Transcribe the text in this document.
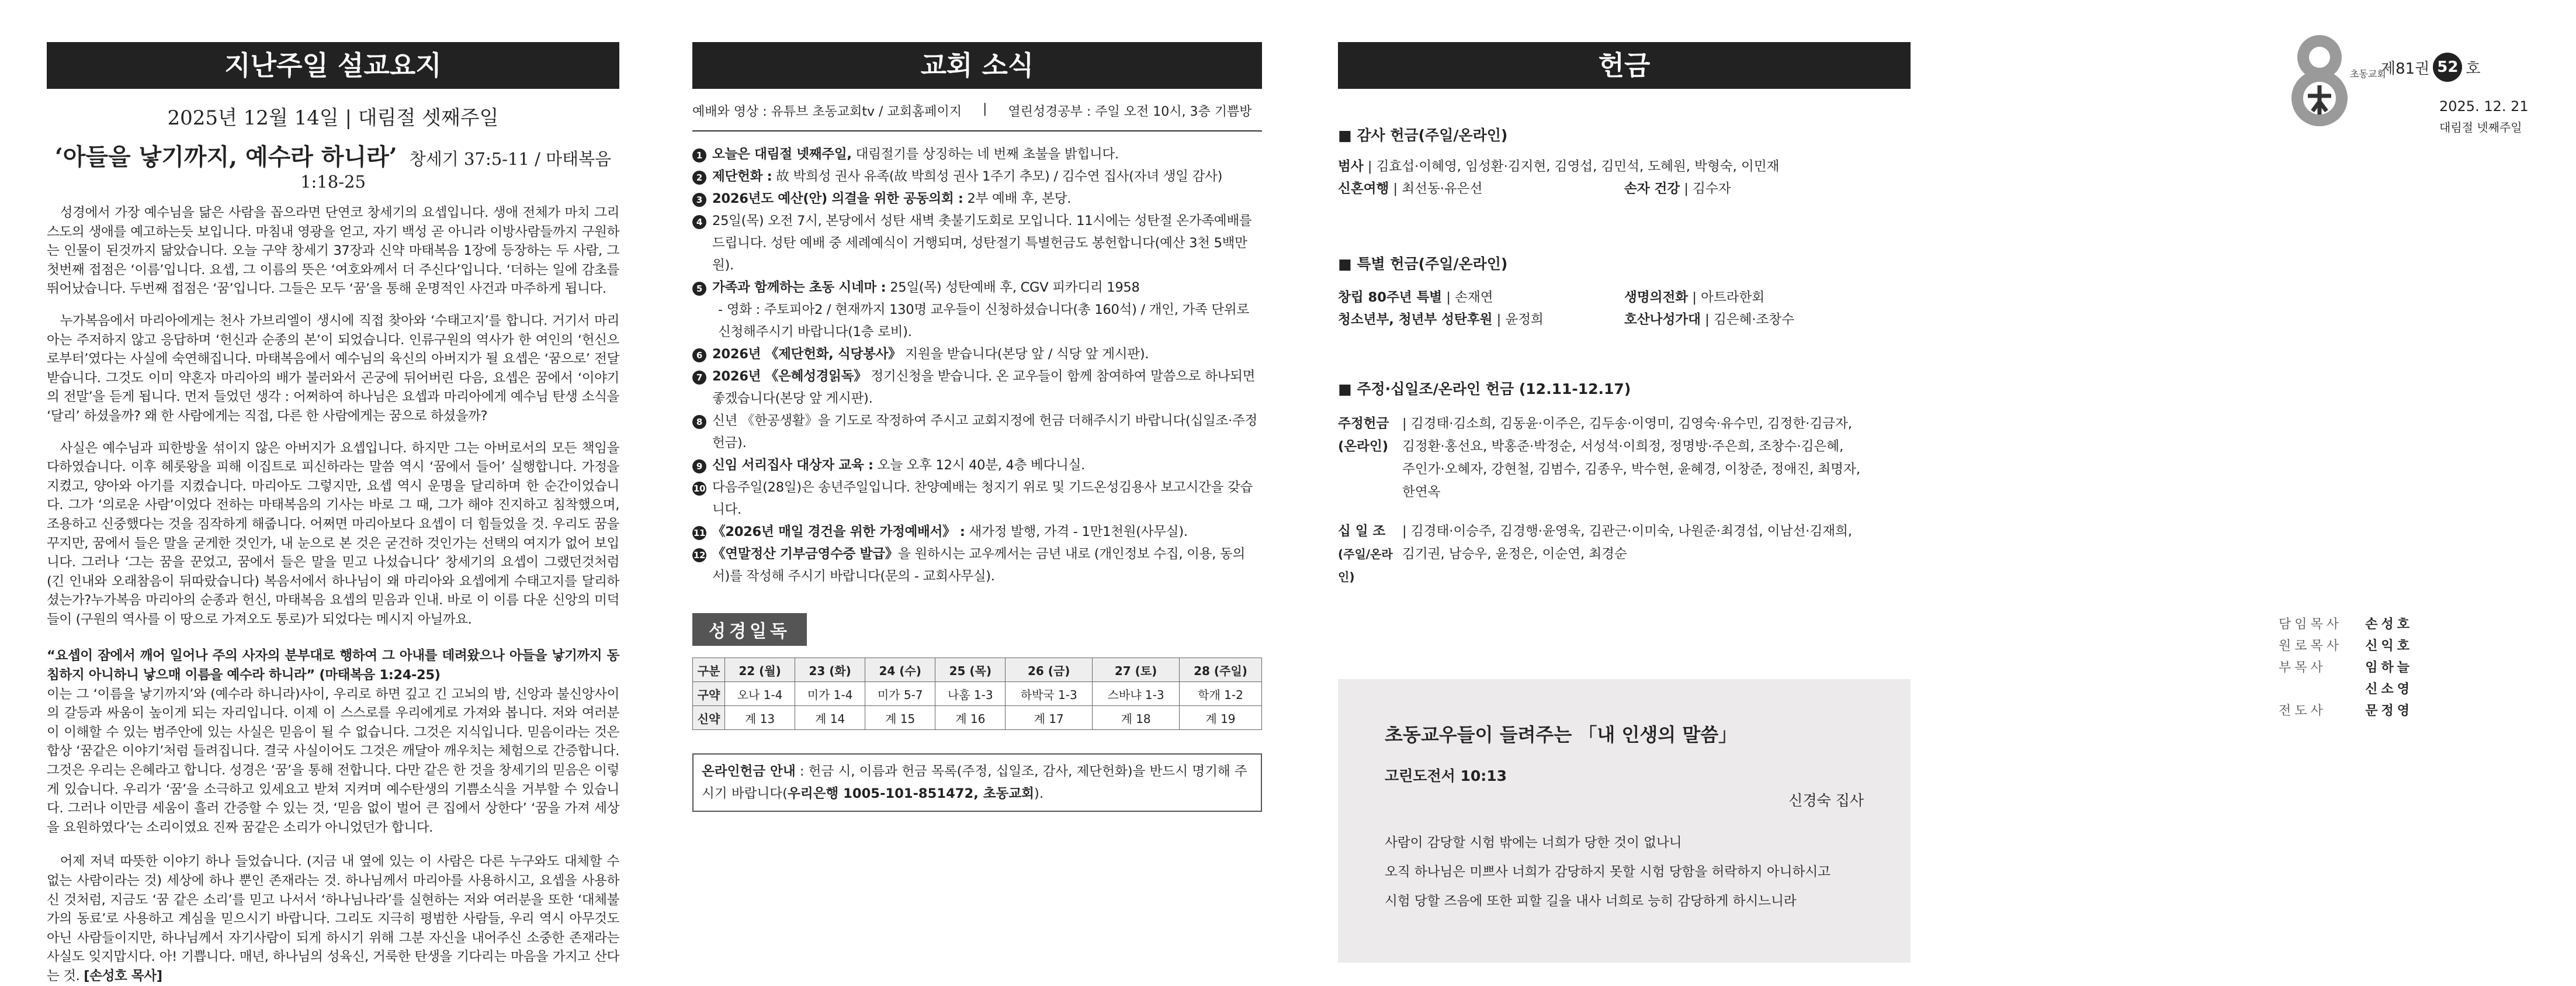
지난주일 설교요지
2025년 12월 14일 | 대림절 셋째주일
‘아들을 낳기까지, 예수라 하니라’ 창세기 37:5-11 / 마태복음 1:18-25

성경에서 가장 예수님을 닮은 사람을 꼽으라면 단연코 창세기의 요셉입니다. 생애 전체가 마치 그리스도의 생애를 예고하는듯 보입니다. 마침내 영광을 얻고, 자기 백성 곧 아니라 이방사람들까지 구원하는 인물이 된것까지 닮았습니다. 오늘 구약 창세기 37장과 신약 마태복음 1장에 등장하는 두 사람, 그 첫번째 접점은 ‘이름’입니다. 요셉, 그 이름의 뜻은 ‘여호와께서 더 주신다’입니다. ‘더하는 일에 감초를 뛰어났습니다. 두번째 접점은 ‘꿈’입니다. 그들은 모두 ‘꿈’을 통해 운명적인 사건과 마주하게 됩니다.

누가복음에서 마리아에게는 천사 가브리엘이 생시에 직접 찾아와 ‘수태고지’를 합니다. 거기서 마리아는 주저하지 않고 응답하며 ‘헌신과 순종의 본’이 되었습니다. 인류구원의 역사가 한 여인의 ‘헌신으로부터’였다는 사실에 숙연해집니다. 마태복음에서 예수님의 육신의 아버지가 될 요셉은 ‘꿈으로’ 전달받습니다. 그것도 이미 약혼자 마리아의 배가 불러와서 곤궁에 뒤어버린 다음, 요셉은 꿈에서 ‘이야기의 전말’을 듣게 됩니다. 먼저 들었던 생각 : 어쩌하여 하나님은 요셉과 마리아에게 예수님 탄생 소식을 ‘달리’ 하셨을까? 왜 한 사람에게는 직접, 다른 한 사람에게는 꿈으로 하셨을까?

사실은 예수님과 피한방울 섞이지 않은 아버지가 요셉입니다. 하지만 그는 아버로서의 모든 책임을 다하였습니다. 이후 헤롯왕을 피해 이집트로 피신하라는 말씀 역시 ‘꿈에서 들어’ 실행합니다. 가정을 지켰고, 양아와 아기를 지켰습니다. 마리아도 그렇지만, 요셉 역시 운명을 달리하며 한 순간이었습니다. 그가 ‘의로운 사람’이었다 전하는 마태복음의 기사는 바로 그 때, 그가 해야 진지하고 침착했으며, 조용하고 신중했다는 것을 짐작하게 해줍니다. 어쩌면 마리아보다 요셉이 더 힘들었을 것. 우리도 꿈을 꾸지만, 꿈에서 들은 말을 굳게한 것인가, 내 눈으로 본 것은 굳건하 것인가는 선택의 여지가 없어 보입니다. 그러나 ‘그는 꿈을 꾼었고, 꿈에서 들은 말을 믿고 나섰습니다’ 창세기의 요셉이 그랬던것처럼 (긴 인내와 오래참음이 뒤따랐습니다) 복음서에서 하나님이 왜 마리아와 요셉에게 수태고지를 달리하셨는가?누가복음 마리아의 순종과 헌신, 마태복음 요셉의 믿음과 인내. 바로 이 이름 다운 신앙의 미덕들이 (구원의 역사를 이 땅으로 가져오도 통로)가 되었다는 메시지 아닐까요.

“요셉이 잠에서 깨어 일어나 주의 사자의 분부대로 행하여 그 아내를 데려왔으나 아들을 낳기까지 동침하지 아니하니 낳으매 이름을 예수라 하니라” (마태복음 1:24-25)

이는 그 ‘이름을 낳기까지’와 (예수라 하니라)사이, 우리로 하면 깊고 긴 고뇌의 밤, 신앙과 불신앙사이의 갈등과 싸움이 높이게 되는 자리입니다. 이제 이 스스로를 우리에게로 가져와 봅니다. 저와 여러분이 이해할 수 있는 범주안에 있는 사실은 믿음이 될 수 없습니다. 그것은 지식입니다. 믿음이라는 것은 합상 ‘꿈같은 이야기’처럼 들려집니다. 결국 사실이어도 그것은 깨달아 깨우치는 체험으로 간증합니다. 그것은 우리는 은혜라고 합니다. 성경은 ‘꿈’을 통해 전합니다. 다만 같은 한 것을 창세기의 믿음은 이렇게 있습니다. 우리가 ‘꿈’을 소극하고 있세요고 받쳐 지켜며 예수탄생의 기쁨소식을 거부할 수 있습니다. 그러나 이만큼 세움이 흘러 간증할 수 있는 것, ‘믿음 없이 벌어 큰 집에서 상한다’ ‘꿈을 가져 세상을 요원하였다’는 소리이였요 진짜 꿈같은 소리가 아니었던가 합니다.

어제 저녁 따뜻한 이야기 하나 들었습니다. (지금 내 옆에 있는 이 사람은 다른 누구와도 대체할 수 없는 사람이라는 것) 세상에 하나 뿐인 존재라는 것. 하나님께서 마리아를 사용하시고, 요셉을 사용하신 것처럼, 지금도 ‘꿈 같은 소리’를 믿고 나서서 ‘하나님나라’를 실현하는 저와 여러분을 또한 ‘대체불가의 동료’로 사용하고 계심을 믿으시기 바랍니다. 그리도 지극히 평범한 사람들, 우리 역시 아무것도 아닌 사람들이지만, 하나님께서 자기사람이 되게 하시기 위해 그분 자신을 내어주신 소중한 존재라는 사실도 잊지맙시다. 아! 기쁩니다. 매년, 하나님의 성육신, 거룩한 탄생을 기다리는 마음을 가지고 산다는 것. [손성호 목사]

교회 소식
예배와 영상 : 유튜브 초동교회tv / 교회홈페이지 | 열린성경공부 : 주일 오전 10시, 3층 기쁨방
1 오늘은 대림절 넷째주일, 대림절기를 상징하는 네 번째 초불을 밝힙니다.
2 제단헌화 : 故 박희성 권사 유족(故 박희성 권사 1주기 추모) / 김수연 집사(자녀 생일 감사)
3 2026년도 예산(안) 의결을 위한 공동의회 : 2부 예배 후, 본당.
4 25일(목) 오전 7시, 본당에서 성탄 새벽 촛불기도회로 모입니다. 11시에는 성탄절 온가족예배를 드립니다. 성탄 예배 중 세례예식이 거행되며, 성탄절기 특별헌금도 봉헌합니다(예산 3천 5백만원).
5 가족과 함께하는 초동 시네마 : 25일(목) 성탄예배 후, CGV 피카디리 1958
- 영화 : 주토피아2 / 현재까지 130명 교우들이 신청하셨습니다(총 160석) / 개인, 가족 단위로 신청해주시기 바랍니다(1층 로비).
6 2026년 《제단헌화, 식당봉사》 지원을 받습니다(본당 앞 / 식당 앞 게시판).
7 2026년 《은혜성경읽독》 정기신청을 받습니다. 온 교우들이 함께 참여하여 말씀으로 하나되면 좋겠습니다(본당 앞 게시판).
8 신년 《한공생활》을 기도로 작정하여 주시고 교회지정에 헌금 더해주시기 바랍니다(십일조·주정헌금).
9 신임 서리집사 대상자 교육 : 오늘 오후 12시 40분, 4층 베다니실.
10 다음주일(28일)은 송년주일입니다. 찬양예배는 청지기 위로 및 기드온성김용사 보고시간을 갖습니다.
11 《2026년 매일 경건을 위한 가정예배서》 : 새가정 발행, 가격 - 1만1천원(사무실).
12 《연말정산 기부금영수증 발급》을 원하시는 교우께서는 금년 내로 (개인정보 수집, 이용, 동의서)를 작성해 주시기 바랍니다(문의 - 교회사무실).
성경일독
구분	22 (월)	23 (화)	24 (수)	25 (목)	26 (금)	27 (토)	28 (주일)
구약	오나 1-4	미가 1-4	미가 5-7	나훔 1-3	하박국 1-3	스바냐 1-3	학개 1-2
신약	계 13	계 14	계 15	계 16	계 17	계 18	계 19
온라인헌금 안내 : 헌금 시, 이름과 헌금 목록(주정, 십일조, 감사, 제단헌화)을 반드시 명기해 주시기 바랍니다(우리은행 1005-101-851472, 초동교회).
헌금
■ 감사 헌금(주일/온라인)
범사 | 김효섭·이혜영, 임성환·김지현, 김영섭, 김민석, 도혜원, 박형숙, 이민재
신혼여행 | 최선동·유은선	손자 건강 | 김수자
■ 특별 헌금(주일/온라인)
창립 80주년 특별 | 손재연	생명의전화 | 아트라한회
청소년부, 청년부 성탄후원 | 윤정희	호산나성가대 | 김은혜·조창수
■ 주정·십일조/온라인 헌금 (12.11-12.17)
주정헌금
(온라인)
| 김경태·김소희, 김동윤·이주은, 김두송·이영미, 김영숙·유수민, 김정한·김금자,
김정환·홍선요, 박홍준·박정순, 서성석·이희정, 정명방·주은희, 조창수·김은혜,
주인가·오혜자, 강현철, 김범수, 김종우, 박수현, 윤혜경, 이창준, 정애진, 최명자,
한연옥
십 일 조
(주일/온라인)
| 김경태·이승주, 김경행·윤영욱, 김관근·이미숙, 나원준·최경섭, 이남선·김재희,
김기권, 남승우, 윤정은, 이순연, 최경순
초동교우들이 들려주는 「내 인생의 말씀」
고린도전서 10:13
신경숙 집사
사람이 감당할 시험 밖에는 너희가 당한 것이 없나니
오직 하나님은 미쁘사 너희가 감당하지 못할 시험 당함을 허락하지 아니하시고
시험 당할 즈음에 또한 피할 길을 내사 너희로 능히 감당하게 하시느니라
초동교회
제81권 52 호
2025. 12. 21
대림절 넷째주일
담임목사 손성호
원로목사 신익호
부목사	임하늘
신소영
전도사	문정영
